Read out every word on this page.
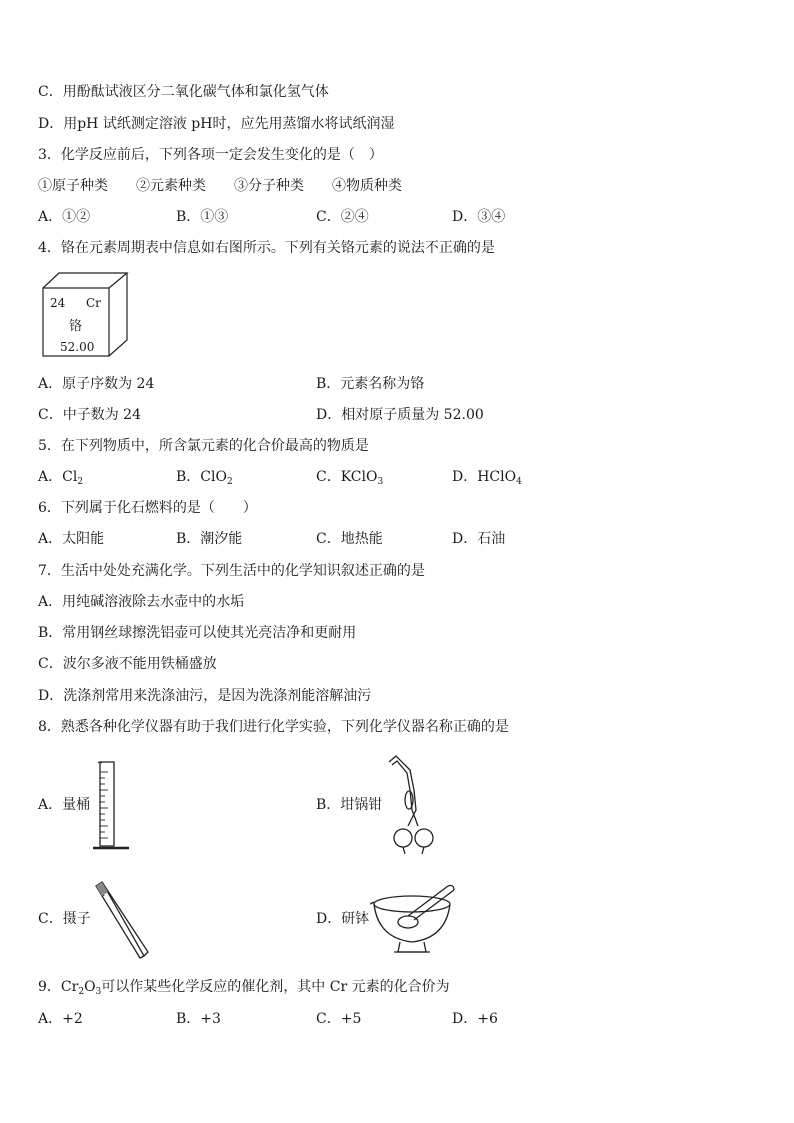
C．用酚酞试液区分二氧化碳气体和氯化氢气体
D．用pH 试纸测定溶液 pH时，应先用蒸馏水将试纸润湿
3．化学反应前后，下列各项一定会发生变化的是（　）
①原子种类　　②元素种类　　③分子种类　　④物质种类
A．①②	B．①③	C．②④	D．③④
4．铬在元素周期表中信息如右图所示。下列有关铬元素的说法不正确的是
24 Cr
铬
52.00
A．原子序数为 24	B．元素名称为铬
C．中子数为 24	D．相对原子质量为 52.00
5．在下列物质中，所含氯元素的化合价最高的物质是
A．$Cl_2$	B．ClO$_2$	C．KClO$_3$	D．HClO$_4$
6．下列属于化石燃料的是（　　）
A．太阳能	B．潮汐能	C．地热能	D．石油
7．生活中处处充满化学。下列生活中的化学知识叙述正确的是
A．用纯碱溶液除去水壶中的水垢
B．常用钢丝球擦洗铝壶可以使其光亮洁净和更耐用
C．波尔多液不能用铁桶盛放
D．洗涤剂常用来洗涤油污，是因为洗涤剂能溶解油污
8．熟悉各种化学仪器有助于我们进行化学实验，下列化学仪器名称正确的是
A．量桶	B．坩锅钳
C．摄子	D．研钵
9．$Cr_2O_3$可以作某些化学反应的催化剂，其中 Cr 元素的化合价为
A．+2	B．+3	C．+5	D．+6
